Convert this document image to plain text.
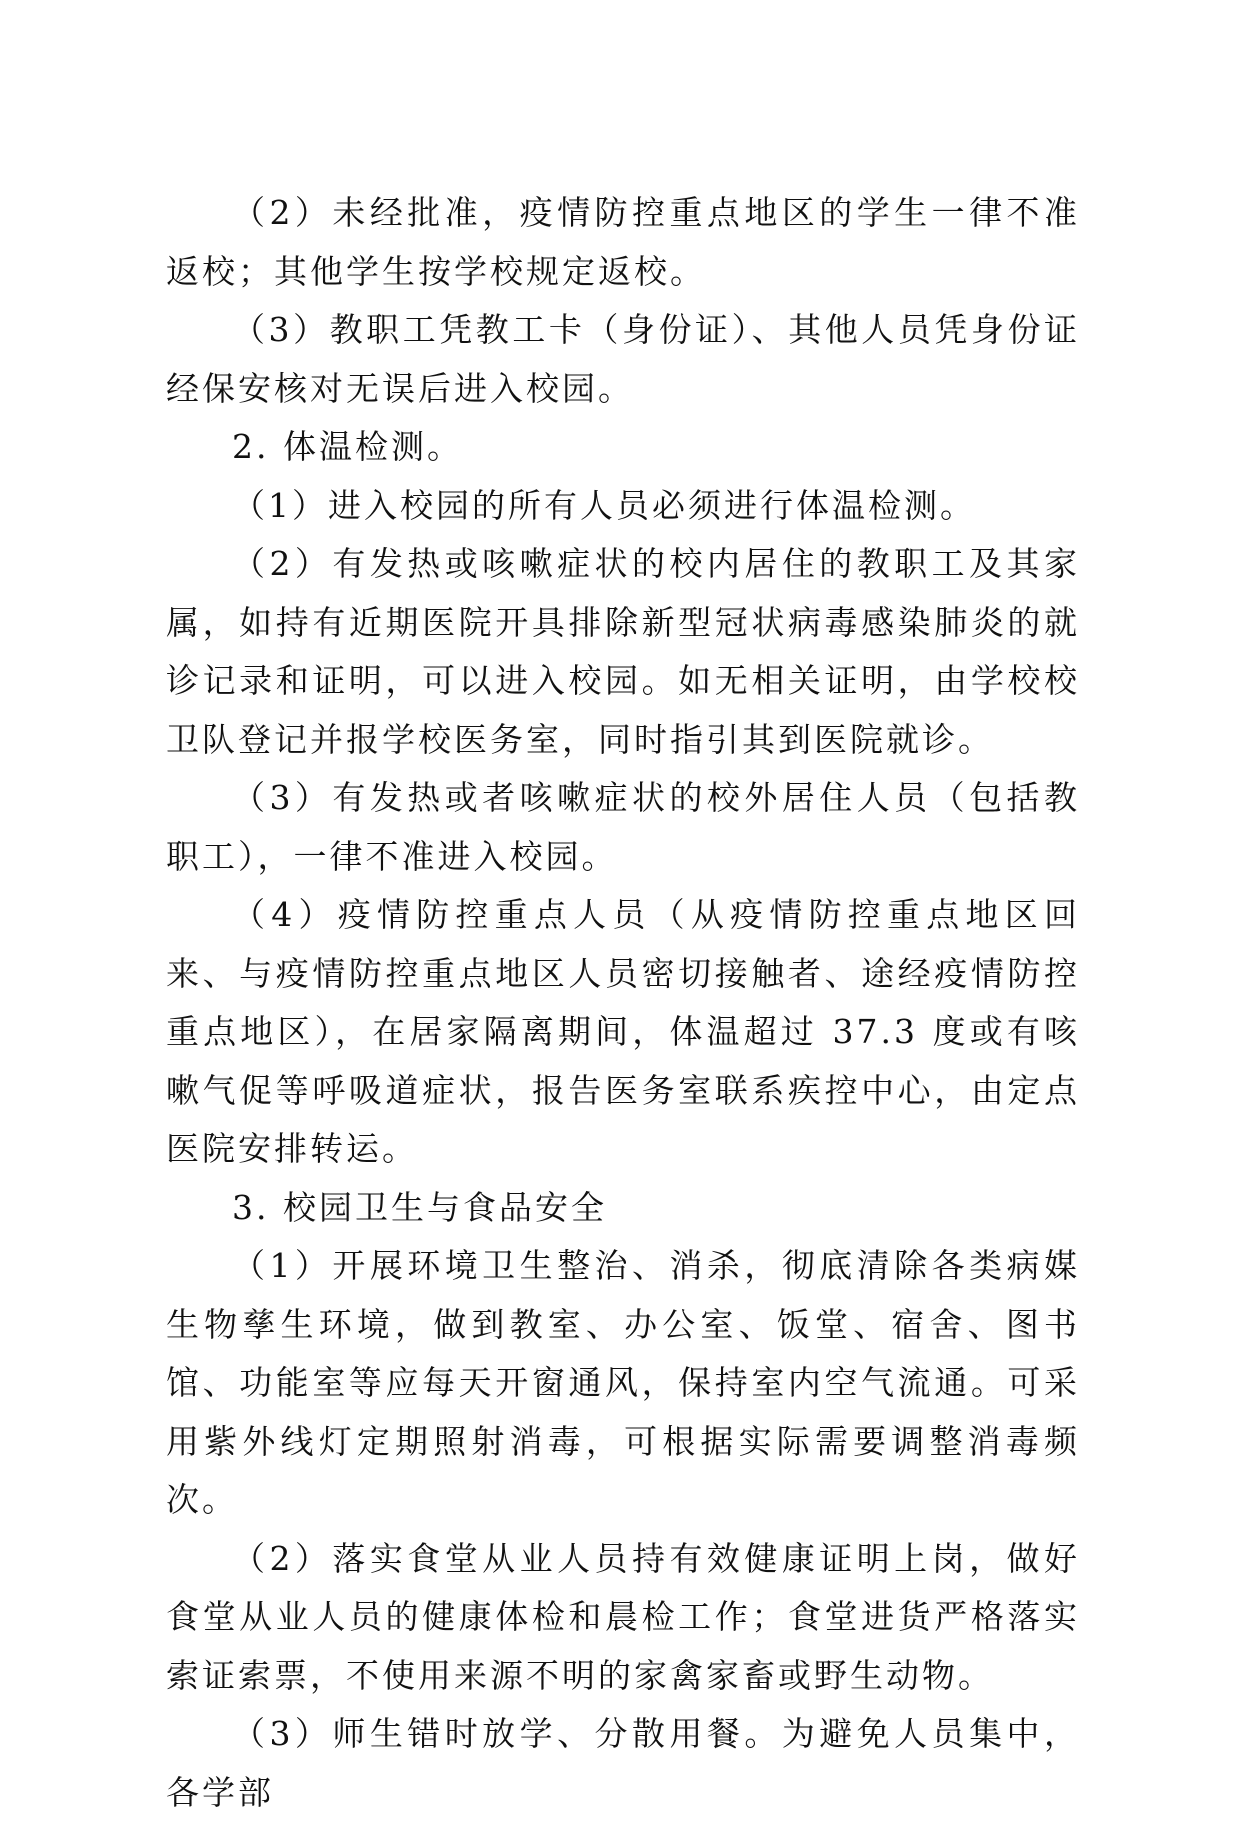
（2）未经批准，疫情防控重点地区的学生一律不准返校；其他学生按学校规定返校。

（3）教职工凭教工卡（身份证）、其他人员凭身份证经保安核对无误后进入校园。

2. 体温检测。

（1）进入校园的所有人员必须进行体温检测。

（2）有发热或咳嗽症状的校内居住的教职工及其家属，如持有近期医院开具排除新型冠状病毒感染肺炎的就诊记录和证明，可以进入校园。如无相关证明，由学校校卫队登记并报学校医务室，同时指引其到医院就诊。

（3）有发热或者咳嗽症状的校外居住人员（包括教职工），一律不准进入校园。

（4）疫情防控重点人员（从疫情防控重点地区回来、与疫情防控重点地区人员密切接触者、途经疫情防控重点地区），在居家隔离期间，体温超过 37.3 度或有咳嗽气促等呼吸道症状，报告医务室联系疾控中心，由定点医院安排转运。

3. 校园卫生与食品安全

（1）开展环境卫生整治、消杀，彻底清除各类病媒生物孳生环境，做到教室、办公室、饭堂、宿舍、图书馆、功能室等应每天开窗通风，保持室内空气流通。可采用紫外线灯定期照射消毒，可根据实际需要调整消毒频次。

（2）落实食堂从业人员持有效健康证明上岗，做好食堂从业人员的健康体检和晨检工作；食堂进货严格落实索证索票，不使用来源不明的家禽家畜或野生动物。

（3）师生错时放学、分散用餐。为避免人员集中，各学部
